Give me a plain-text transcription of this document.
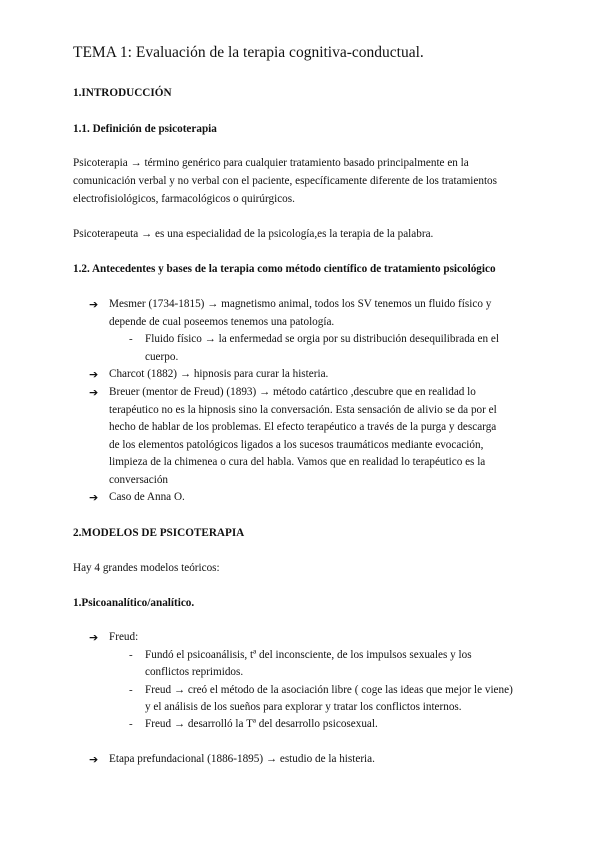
TEMA 1: Evaluación de la terapia cognitiva-conductual.
1.INTRODUCCIÓN
1.1. Definición de psicoterapia
Psicoterapia → término genérico para cualquier tratamiento basado principalmente en la
comunicación verbal y no verbal con el paciente, específicamente diferente de los tratamientos
electrofisiológicos, farmacológicos o quirúrgicos.
Psicoterapeuta → es una especialidad de la psicología,es la terapia de la palabra.
1.2. Antecedentes y bases de la terapia como método científico de tratamiento psicológico
➔ Mesmer (1734-1815) → magnetismo animal, todos los SV tenemos un fluido físico y
depende de cual poseemos tenemos una patología.
- Fluido físico → la enfermedad se orgia por su distribución desequilibrada en el
cuerpo.
➔ Charcot (1882) → hipnosis para curar la histeria.
➔ Breuer (mentor de Freud) (1893) → método catártico ,descubre que en realidad lo
terapéutico no es la hipnosis sino la conversación. Esta sensación de alivio se da por el
hecho de hablar de los problemas. El efecto terapéutico a través de la purga y descarga
de los elementos patológicos ligados a los sucesos traumáticos mediante evocación,
limpieza de la chimenea o cura del habla. Vamos que en realidad lo terapéutico es la
conversación
➔ Caso de Anna O.
2.MODELOS DE PSICOTERAPIA
Hay 4 grandes modelos teóricos:
1.Psicoanalítico/analítico.
➔ Freud:
- Fundó el psicoanálisis, tª del inconsciente, de los impulsos sexuales y los
conflictos reprimidos.
- Freud → creó el método de la asociación libre ( coge las ideas que mejor le viene)
y el análisis de los sueños para explorar y tratar los conflictos internos.
- Freud → desarrolló la Tª del desarrollo psicosexual.
➔ Etapa prefundacional (1886-1895) → estudio de la histeria.
